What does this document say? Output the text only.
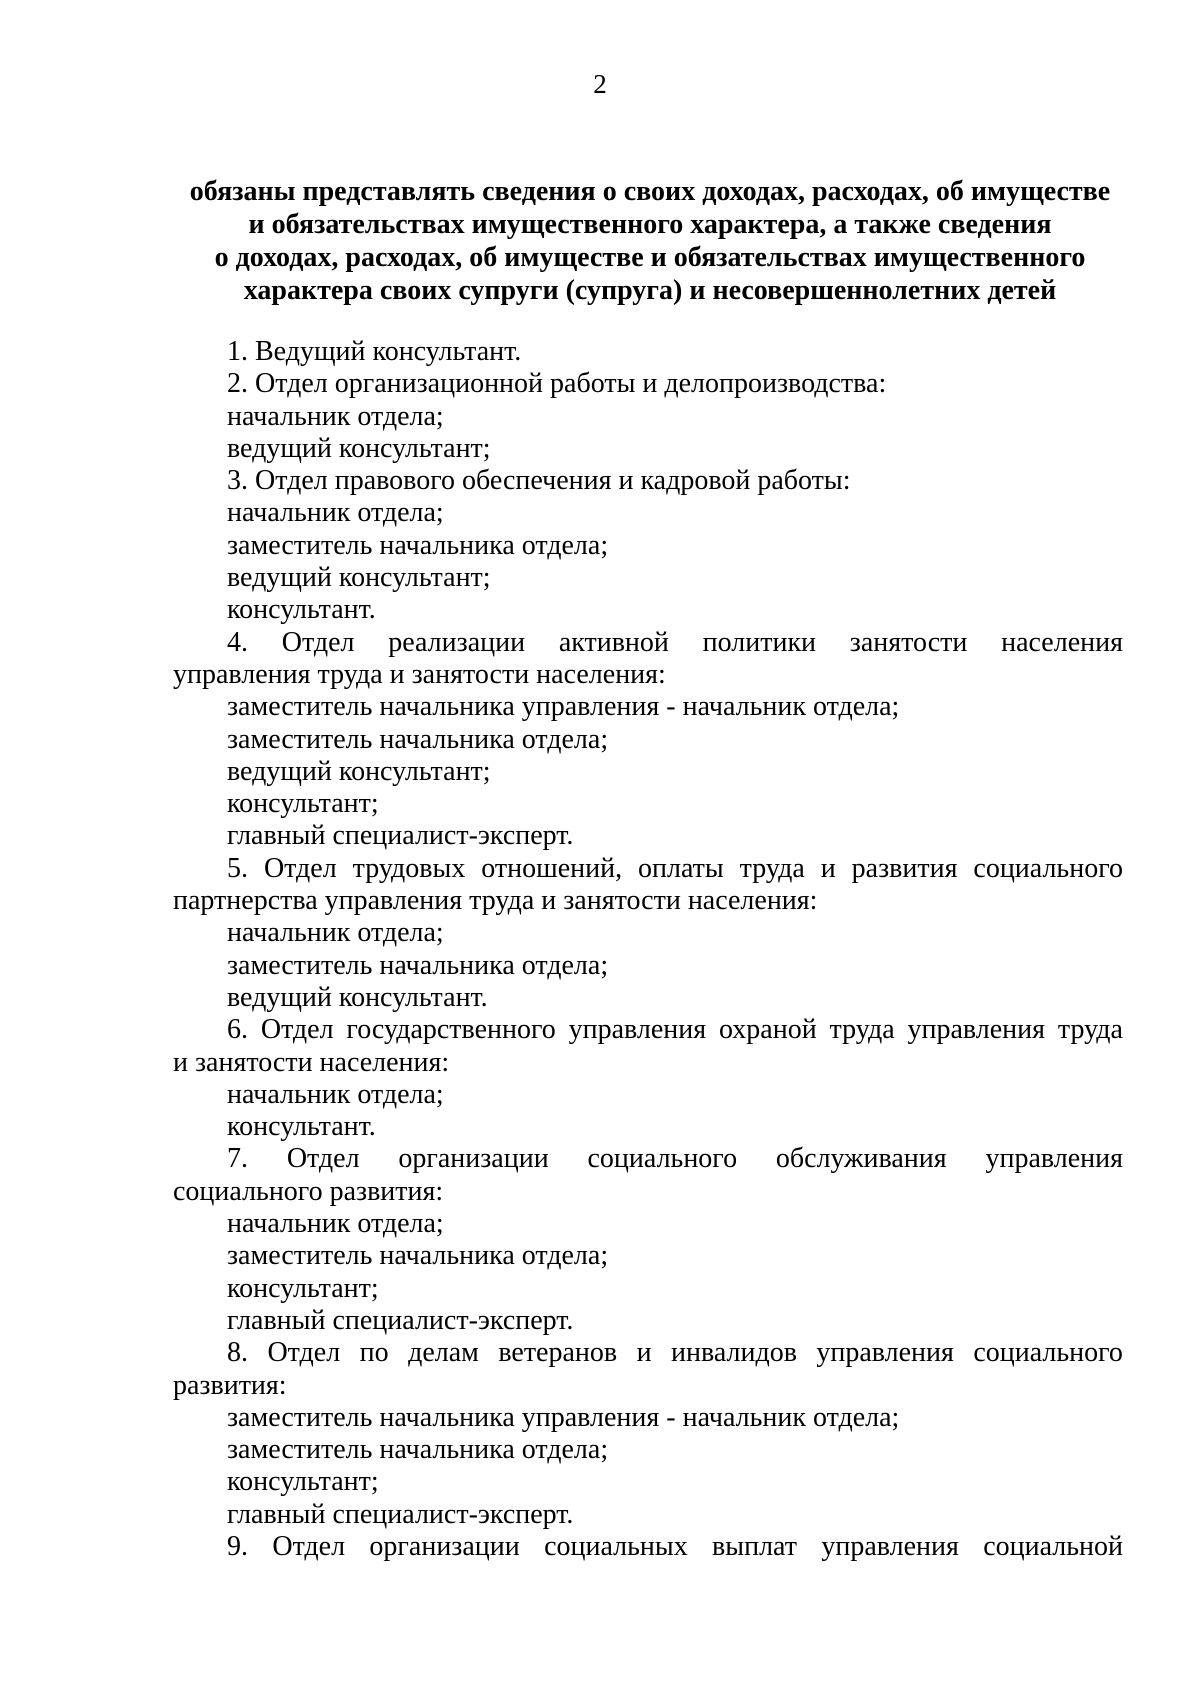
2
обязаны представлять сведения о своих доходах, расходах, об имуществе
и обязательствах имущественного характера, а также сведения
о доходах, расходах, об имуществе и обязательствах имущественного
характера своих супруги (супруга) и несовершеннолетних детей
1. Ведущий консультант.
2. Отдел организационной работы и делопроизводства:
начальник отдела;
ведущий консультант;
3. Отдел правового обеспечения и кадровой работы:
начальник отдела;
заместитель начальника отдела;
ведущий консультант;
консультант.
4. Отдел реализации активной политики занятости населения
управления труда и занятости населения:
заместитель начальника управления - начальник отдела;
заместитель начальника отдела;
ведущий консультант;
консультант;
главный специалист-эксперт.
5. Отдел трудовых отношений, оплаты труда и развития социального
партнерства управления труда и занятости населения:
начальник отдела;
заместитель начальника отдела;
ведущий консультант.
6. Отдел государственного управления охраной труда управления труда
и занятости населения:
начальник отдела;
консультант.
7. Отдел организации социального обслуживания управления
социального развития:
начальник отдела;
заместитель начальника отдела;
консультант;
главный специалист-эксперт.
8. Отдел по делам ветеранов и инвалидов управления социального
развития:
заместитель начальника управления - начальник отдела;
заместитель начальника отдела;
консультант;
главный специалист-эксперт.
9. Отдел организации социальных выплат управления социальной
